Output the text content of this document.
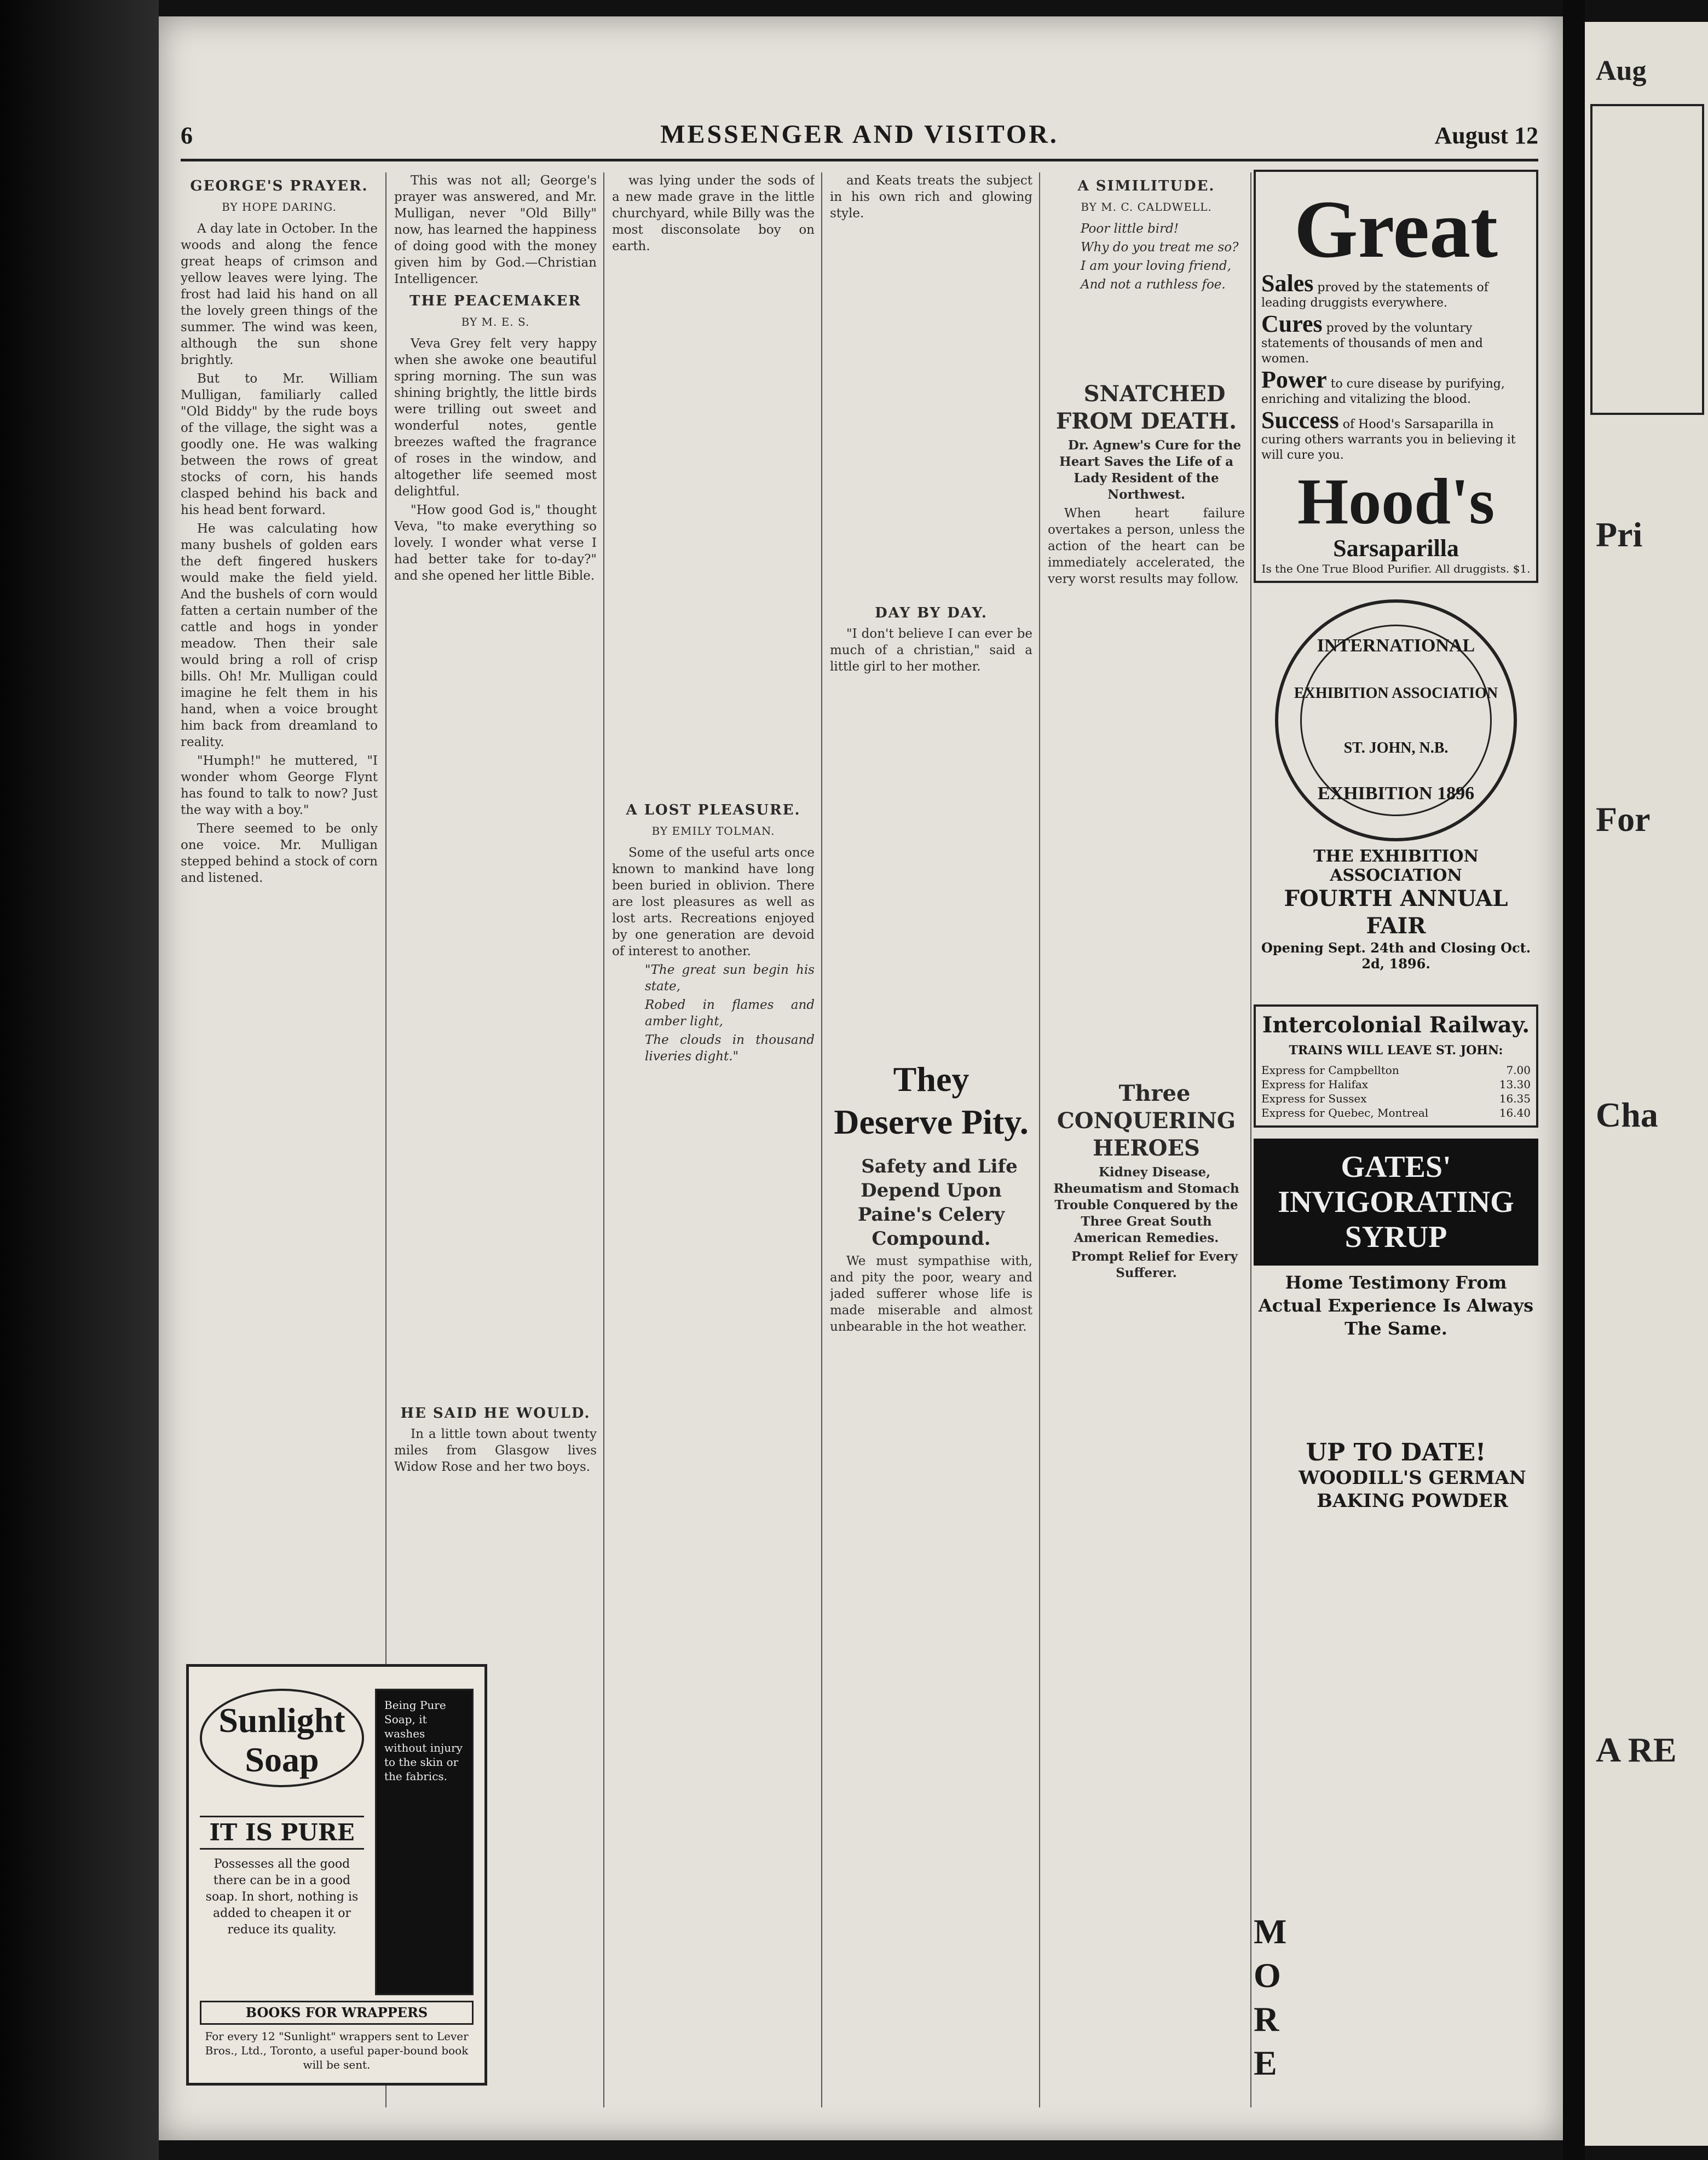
6	MESSENGER AND VISITOR.	August 12

GEORGE'S PRAYER.

BY HOPE DARING.

A day late in October. In the woods and along the fence great heaps of crimson and yellow leaves were lying. The frost had laid his hand on all the lovely green things of the summer. The wind was keen, although the sun shone brightly.

But to Mr. William Mulligan, familiarly called "Old Biddy" by the rude boys of the village, the sight was a goodly one. He was walking between the rows of great stocks of corn, his hands clasped behind his back and his head bent forward.

He was calculating how many bushels of golden ears the deft fingered huskers would make the field yield. And the bushels of corn would fatten a certain number of the cattle and hogs in yonder meadow. Then their sale would bring a roll of crisp bills. Oh! Mr. Mulligan could imagine he felt them in his hand, when a voice brought him back from dreamland to reality.

"Humph!" he muttered, "I wonder whom George Flynt has found to talk to now? Just the way with a boy."

There seemed to be only one voice. Mr. Mulligan stepped behind a stock of corn and listened.

Sunlight Soap
Being Pure Soap, it washes without injury to the skin or the fabrics.
IT IS PURE
Possesses all the good there can be in a good soap. In short, nothing is added to cheapen it or reduce its quality.
BOOKS FOR WRAPPERS
For every 12 "Sunlight" wrappers sent to Lever Bros., Ltd., Toronto, a useful paper-bound book will be sent.

This was not all; George's prayer was answered, and Mr. Mulligan, never "Old Billy" now, has learned the happiness of doing good with the money given him by God.—Christian Intelligencer.

THE PEACEMAKER

BY M. E. S.

Veva Grey felt very happy when she awoke one beautiful spring morning. The sun was shining brightly, the little birds were trilling out sweet and wonderful notes, gentle breezes wafted the fragrance of roses in the window, and altogether life seemed most delightful.

"How good God is," thought Veva, "to make everything so lovely. I wonder what verse I had better take for to-day?" and she opened her little Bible.

HE SAID HE WOULD.

In a little town about twenty miles from Glasgow lives Widow Rose and her two boys.

was lying under the sods of a new made grave in the little churchyard, while Billy was the most disconsolate boy on earth.

A LOST PLEASURE.

BY EMILY TOLMAN.

Some of the useful arts once known to mankind have long been buried in oblivion. There are lost pleasures as well as lost arts. Recreations enjoyed by one generation are devoid of interest to another.

"The great sun begin his state,

Robed in flames and amber light,

The clouds in thousand liveries dight."

and Keats treats the subject in his own rich and glowing style.

DAY BY DAY.

"I don't believe I can ever be much of a christian," said a little girl to her mother.

They Deserve Pity.

Safety and Life Depend Upon Paine's Celery Compound.

We must sympathise with, and pity the poor, weary and jaded sufferer whose life is made miserable and almost unbearable in the hot weather.

A SIMILITUDE.

BY M. C. CALDWELL.

Poor little bird!

Why do you treat me so?

I am your loving friend,

And not a ruthless foe.

SNATCHED FROM DEATH.

Dr. Agnew's Cure for the Heart Saves the Life of a Lady Resident of the Northwest.

When heart failure overtakes a person, unless the action of the heart can be immediately accelerated, the very worst results may follow.

Three CONQUERING HEROES

Kidney Disease, Rheumatism and Stomach Trouble Conquered by the Three Great South American Remedies.

Prompt Relief for Every Sufferer.

Great
Sales proved by the statements of leading druggists everywhere.
Cures proved by the voluntary statements of thousands of men and women.
Power to cure disease by purifying, enriching and vitalizing the blood.
Success of Hood's Sarsaparilla in curing others warrants you in believing it will cure you.
Hood's
Sarsaparilla
Is the One True Blood Purifier. All druggists. $1.
INTERNATIONAL
EXHIBITION ASSOCIATION
ST. JOHN, N.B.
EXHIBITION 1896
THE EXHIBITION ASSOCIATION
FOURTH ANNUAL FAIR
Opening Sept. 24th and Closing Oct. 2d, 1896.
Intercolonial Railway.
TRAINS WILL LEAVE ST. JOHN:
Express for Campbellton	7.00
Express for Halifax	13.30
Express for Sussex	16.35
Express for Quebec, Montreal	16.40
GATES'
INVIGORATING
SYRUP
Home Testimony From Actual Experience Is Always The Same.
UP TO DATE!
WOODILL'S GERMAN BAKING POWDER
M
O
R
E
Aug
Pri
For
Cha
A RE
